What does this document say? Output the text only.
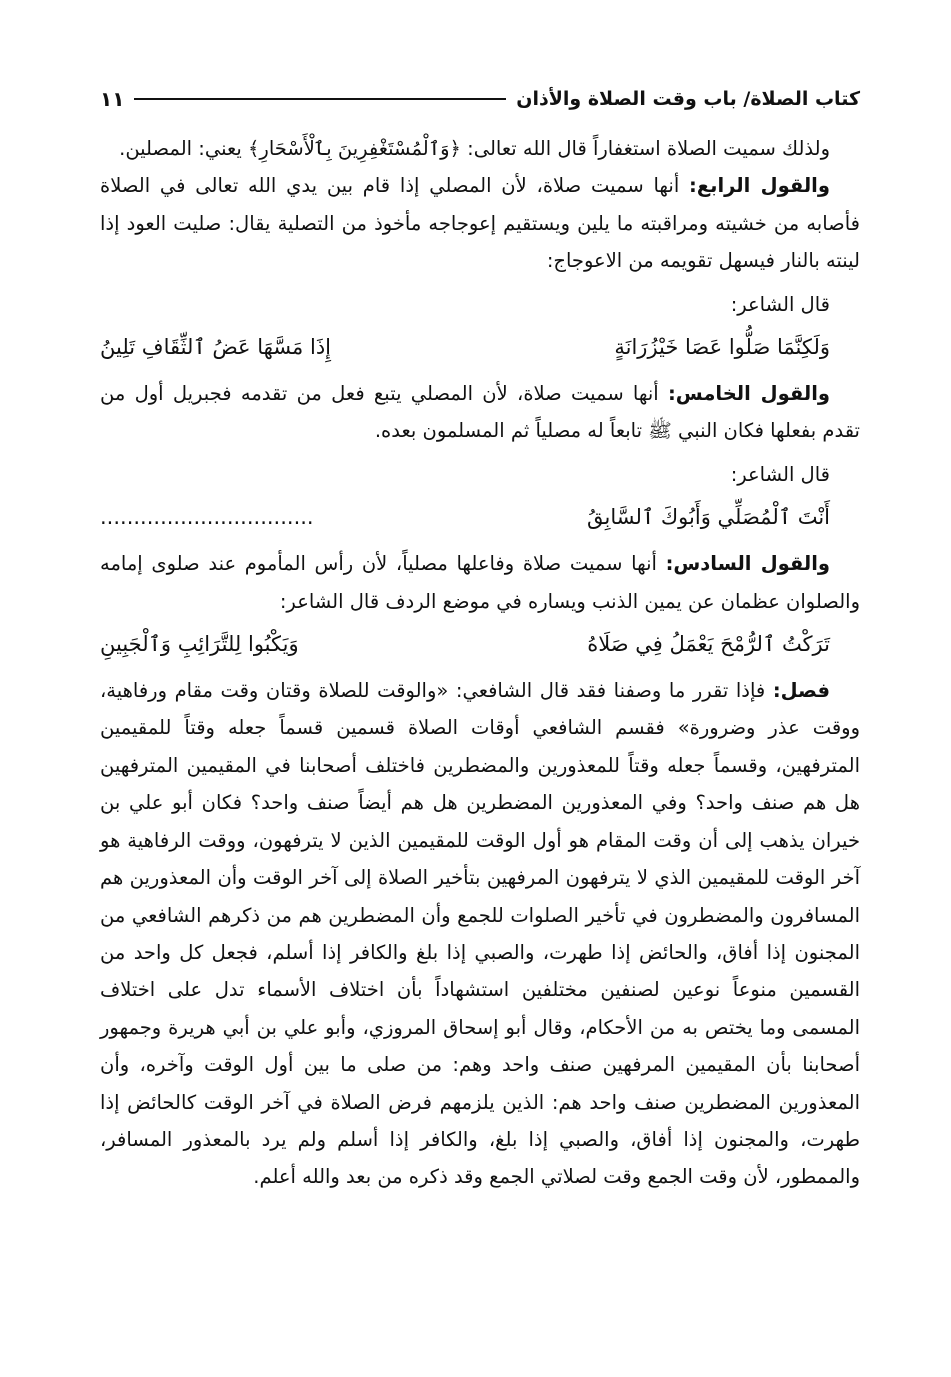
كتاب الصلاة/ باب وقت الصلاة والأذان
١١

ولذلك سميت الصلاة استغفاراً قال الله تعالى: ﴿وَٱلْمُسْتَغْفِرِينَ بِٱلْأَسْحَارِ﴾ يعني: المصلين.

والقول الرابع: أنها سميت صلاة، لأن المصلي إذا قام بين يدي الله تعالى في الصلاة فأصابه من خشيته ومراقبته ما يلين ويستقيم إعوجاجه مأخوذ من التصلية يقال: صليت العود إذا لينته بالنار فيسهل تقويمه من الاعوجاج:

قال الشاعر:

وَلَكِنَّمَا صَلُّوا عَصَا خَيْزُرَانَةٍ
إِذَا مَسَّهَا عَضُ ٱلثِّقَافِ تَلِينُ

والقول الخامس: أنها سميت صلاة، لأن المصلي يتبع فعل من تقدمه فجبريل أول من تقدم بفعلها فكان النبي ﷺ تابعاً له مصلياً ثم المسلمون بعده.

قال الشاعر:

أَنْتَ ٱلْمُصَلِّي وَأَبُوكَ ٱلسَّابِقُ
................................

والقول السادس: أنها سميت صلاة وفاعلها مصلياً، لأن رأس المأموم عند صلوى إمامه والصلوان عظمان عن يمين الذنب ويساره في موضع الردف قال الشاعر:

تَرَكْتُ ٱلرُّمْحَ يَعْمَلُ فِي صَلَاهُ
وَيَكْبُوا لِلتَّرَائِبِ وَٱلْجَبِينِ

فصل: فإذا تقرر ما وصفنا فقد قال الشافعي: «والوقت للصلاة وقتان وقت مقام ورفاهية، ووقت عذر وضرورة» فقسم الشافعي أوقات الصلاة قسمين قسماً جعله وقتاً للمقيمين المترفهين، وقسماً جعله وقتاً للمعذورين والمضطرين فاختلف أصحابنا في المقيمين المترفهين هل هم صنف واحد؟ وفي المعذورين المضطرين هل هم أيضاً صنف واحد؟ فكان أبو علي بن خيران يذهب إلى أن وقت المقام هو أول الوقت للمقيمين الذين لا يترفهون، ووقت الرفاهية هو آخر الوقت للمقيمين الذي لا يترفهون المرفهين بتأخير الصلاة إلى آخر الوقت وأن المعذورين هم المسافرون والمضطرون في تأخير الصلوات للجمع وأن المضطرين هم من ذكرهم الشافعي من المجنون إذا أفاق، والحائض إذا طهرت، والصبي إذا بلغ والكافر إذا أسلم، فجعل كل واحد من القسمين منوعاً نوعين لصنفين مختلفين استشهاداً بأن اختلاف الأسماء تدل على اختلاف المسمى وما يختص به من الأحكام، وقال أبو إسحاق المروزي، وأبو علي بن أبي هريرة وجمهور أصحابنا بأن المقيمين المرفهين صنف واحد وهم: من صلى ما بين أول الوقت وآخره، وأن المعذورين المضطرين صنف واحد هم: الذين يلزمهم فرض الصلاة في آخر الوقت كالحائض إذا طهرت، والمجنون إذا أفاق، والصبي إذا بلغ، والكافر إذا أسلم ولم يرد بالمعذور المسافر، والممطور، لأن وقت الجمع وقت لصلاتي الجمع وقد ذكره من بعد والله أعلم.
